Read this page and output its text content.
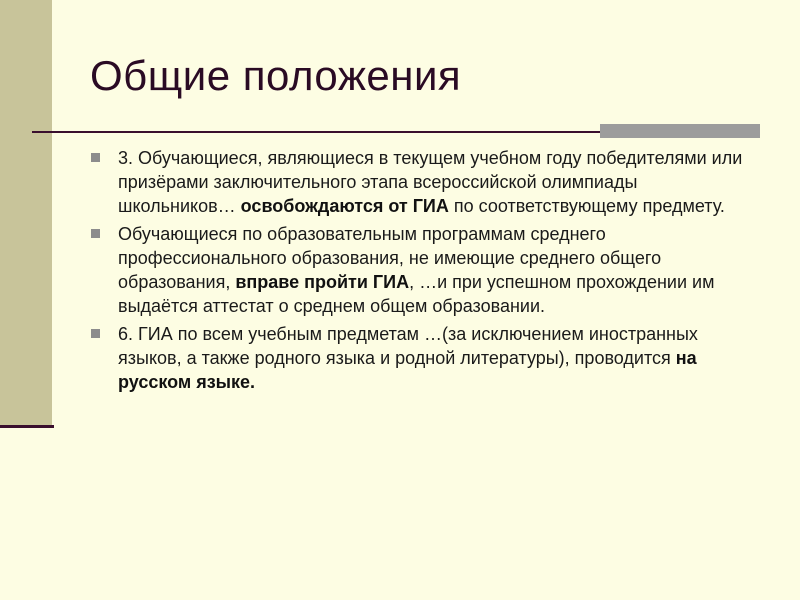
Общие положения
3. Обучающиеся, являющиеся в текущем учебном году победителями или призёрами заключительного этапа всероссийской олимпиады школьников… освобождаются от ГИА по соответствующему предмету.
Обучающиеся по образовательным программам среднего профессионального образования, не имеющие среднего общего образования, вправе пройти ГИА, …и при успешном прохождении им выдаётся аттестат о среднем общем образовании.
6. ГИА по всем учебным предметам …(за исключением иностранных языков, а также родного языка и родной литературы), проводится на русском языке.
